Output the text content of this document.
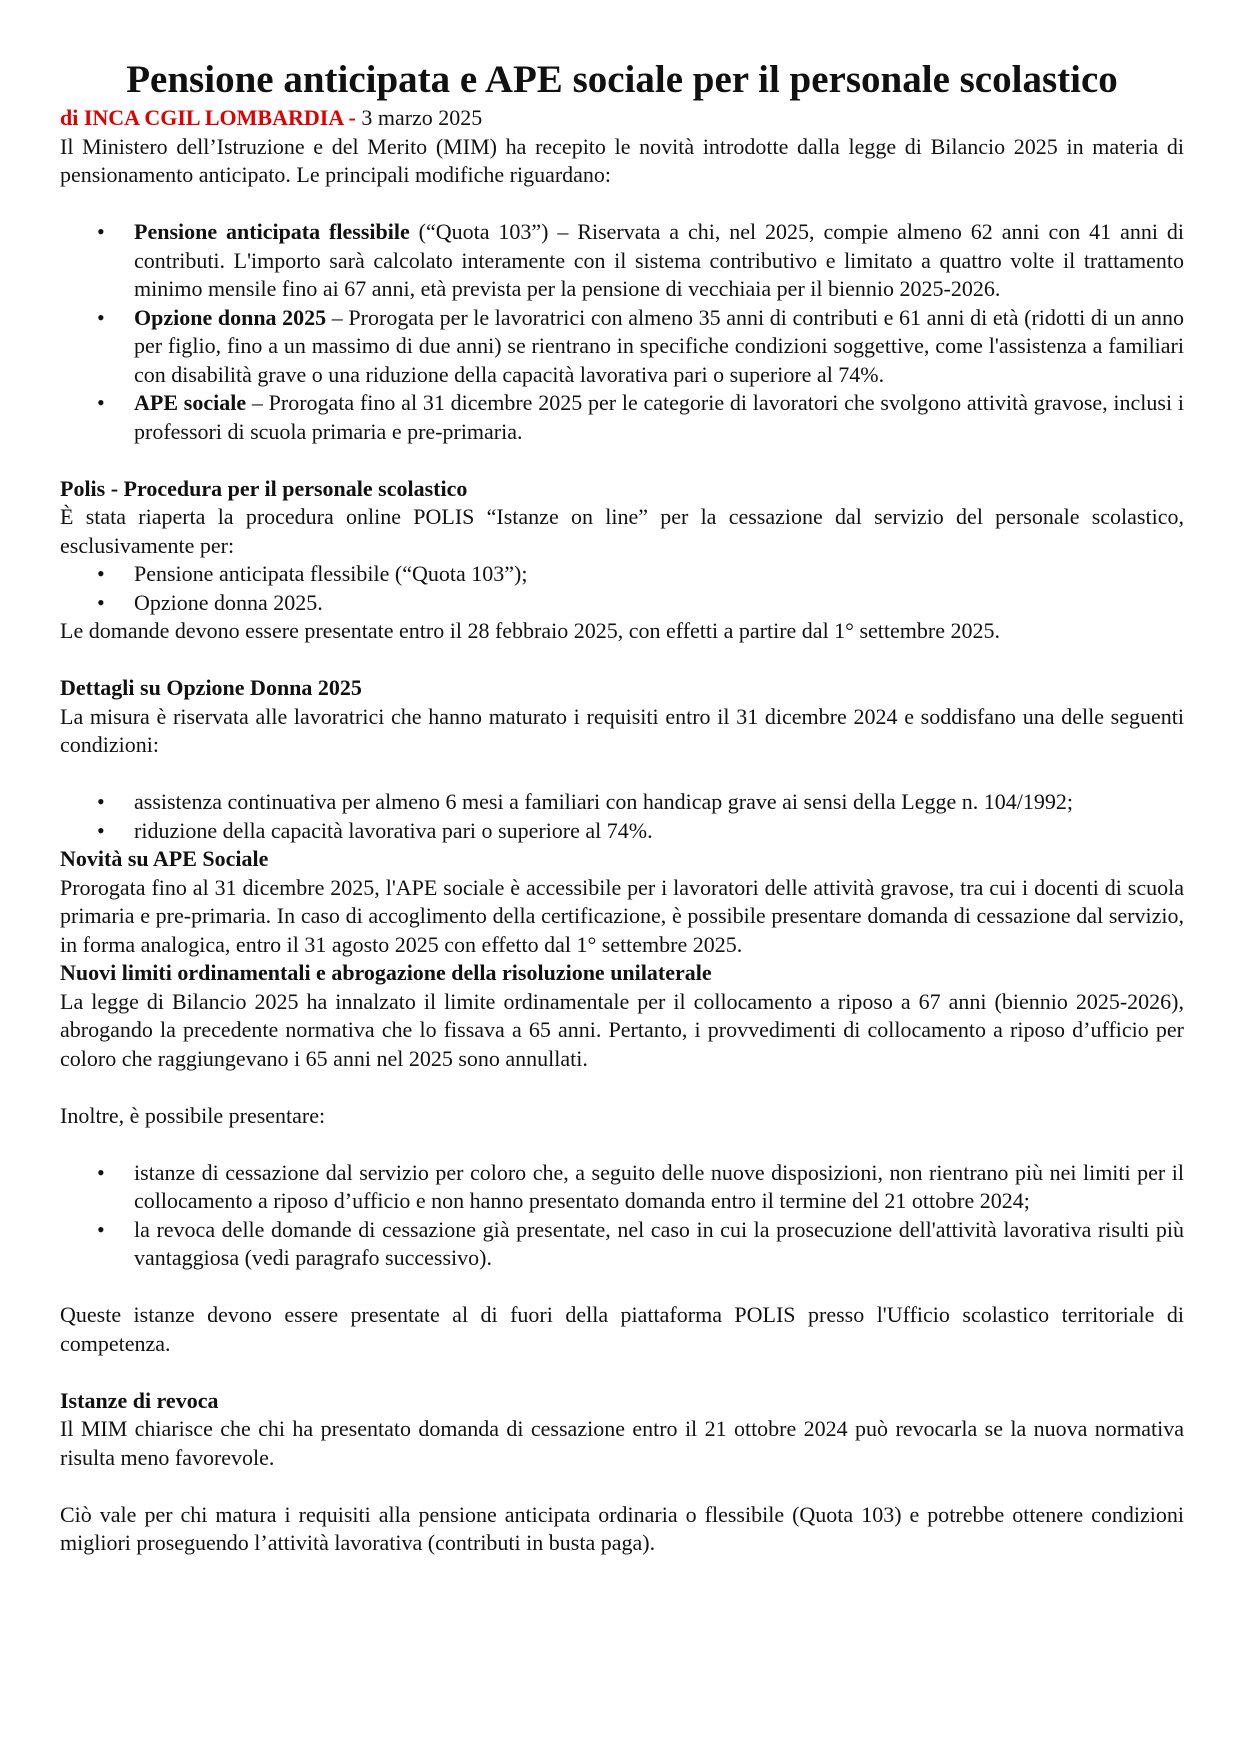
Pensione anticipata e APE sociale per il personale scolastico

di INCA CGIL LOMBARDIA - 3 marzo 2025

Il Ministero dell’Istruzione e del Merito (MIM) ha recepito le novità introdotte dalla legge di Bilancio 2025 in materia di pensionamento anticipato. Le principali modifiche riguardano:

• Pensione anticipata flessibile (“Quota 103”) – Riservata a chi, nel 2025, compie almeno 62 anni con 41 anni di contributi. L'importo sarà calcolato interamente con il sistema contributivo e limitato a quattro volte il trattamento minimo mensile fino ai 67 anni, età prevista per la pensione di vecchiaia per il biennio 2025-2026.
• Opzione donna 2025 – Prorogata per le lavoratrici con almeno 35 anni di contributi e 61 anni di età (ridotti di un anno per figlio, fino a un massimo di due anni) se rientrano in specifiche condizioni soggettive, come l'assistenza a familiari con disabilità grave o una riduzione della capacità lavorativa pari o superiore al 74%.
• APE sociale – Prorogata fino al 31 dicembre 2025 per le categorie di lavoratori che svolgono attività gravose, inclusi i professori di scuola primaria e pre-primaria.

Polis - Procedura per il personale scolastico

È stata riaperta la procedura online POLIS “Istanze on line” per la cessazione dal servizio del personale scolastico, esclusivamente per:

• Pensione anticipata flessibile (“Quota 103”);
• Opzione donna 2025.

Le domande devono essere presentate entro il 28 febbraio 2025, con effetti a partire dal 1° settembre 2025.

Dettagli su Opzione Donna 2025

La misura è riservata alle lavoratrici che hanno maturato i requisiti entro il 31 dicembre 2024 e soddisfano una delle seguenti condizioni:

• assistenza continuativa per almeno 6 mesi a familiari con handicap grave ai sensi della Legge n. 104/1992;
• riduzione della capacità lavorativa pari o superiore al 74%.

Novità su APE Sociale

Prorogata fino al 31 dicembre 2025, l'APE sociale è accessibile per i lavoratori delle attività gravose, tra cui i docenti di scuola primaria e pre-primaria. In caso di accoglimento della certificazione, è possibile presentare domanda di cessazione dal servizio, in forma analogica, entro il 31 agosto 2025 con effetto dal 1° settembre 2025.

Nuovi limiti ordinamentali e abrogazione della risoluzione unilaterale

La legge di Bilancio 2025 ha innalzato il limite ordinamentale per il collocamento a riposo a 67 anni (biennio 2025-2026), abrogando la precedente normativa che lo fissava a 65 anni. Pertanto, i provvedimenti di collocamento a riposo d’ufficio per coloro che raggiungevano i 65 anni nel 2025 sono annullati.

Inoltre, è possibile presentare:

• istanze di cessazione dal servizio per coloro che, a seguito delle nuove disposizioni, non rientrano più nei limiti per il collocamento a riposo d’ufficio e non hanno presentato domanda entro il termine del 21 ottobre 2024;
• la revoca delle domande di cessazione già presentate, nel caso in cui la prosecuzione dell'attività lavorativa risulti più vantaggiosa (vedi paragrafo successivo).

Queste istanze devono essere presentate al di fuori della piattaforma POLIS presso l'Ufficio scolastico territoriale di competenza.

Istanze di revoca

Il MIM chiarisce che chi ha presentato domanda di cessazione entro il 21 ottobre 2024 può revocarla se la nuova normativa risulta meno favorevole.

Ciò vale per chi matura i requisiti alla pensione anticipata ordinaria o flessibile (Quota 103) e potrebbe ottenere condizioni migliori proseguendo l’attività lavorativa (contributi in busta paga).
